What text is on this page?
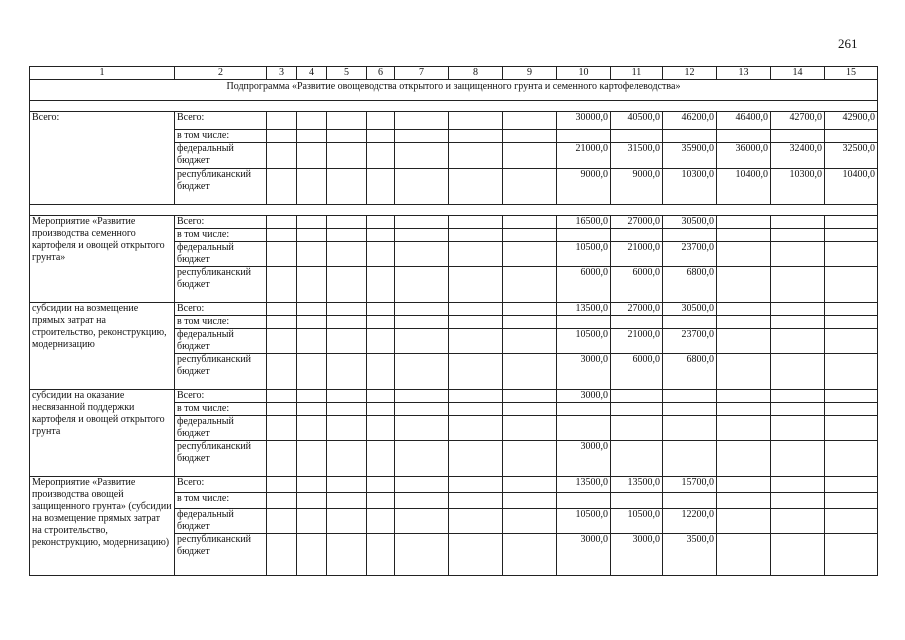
261
1	2	3	4	5	6	7	8	9	10	11	12	13	14	15
Подпрограмма «Развитие овощеводства открытого и защищенного грунта и семенного картофелеводства»														

Всего:	Всего:								30000,0	40500,0	46200,0	46400,0	42700,0	42900,0
	в том числе:													
	федеральный бюджет								21000,0	31500,0	35900,0	36000,0	32400,0	32500,0
	республиканский бюджет								9000,0	9000,0	10300,0	10400,0	10300,0	10400,0

Мероприятие «Развитие производства семенного картофеля и овощей открытого грунта»	Всего:								16500,0	27000,0	30500,0			
	в том числе:													
	федеральный бюджет								10500,0	21000,0	23700,0			
	республиканский бюджет								6000,0	6000,0	6800,0			
субсидии на возмещение прямых затрат на строительство, реконструкцию, модернизацию	Всего:								13500,0	27000,0	30500,0			
	в том числе:													
	федеральный бюджет								10500,0	21000,0	23700,0			
	республиканский бюджет								3000,0	6000,0	6800,0			
субсидии на оказание несвязанной поддержки картофеля и овощей открытого грунта	Всего:								3000,0					
	в том числе:													
	федеральный бюджет													
	республиканский бюджет								3000,0					
Мероприятие «Развитие производства овощей защищенного грунта» (субсидии на возмещение прямых затрат на строительство, реконструкцию, модернизацию)	Всего:								13500,0	13500,0	15700,0			
	в том числе:													
	федеральный бюджет								10500,0	10500,0	12200,0			
	республиканский бюджет								3000,0	3000,0	3500,0			
